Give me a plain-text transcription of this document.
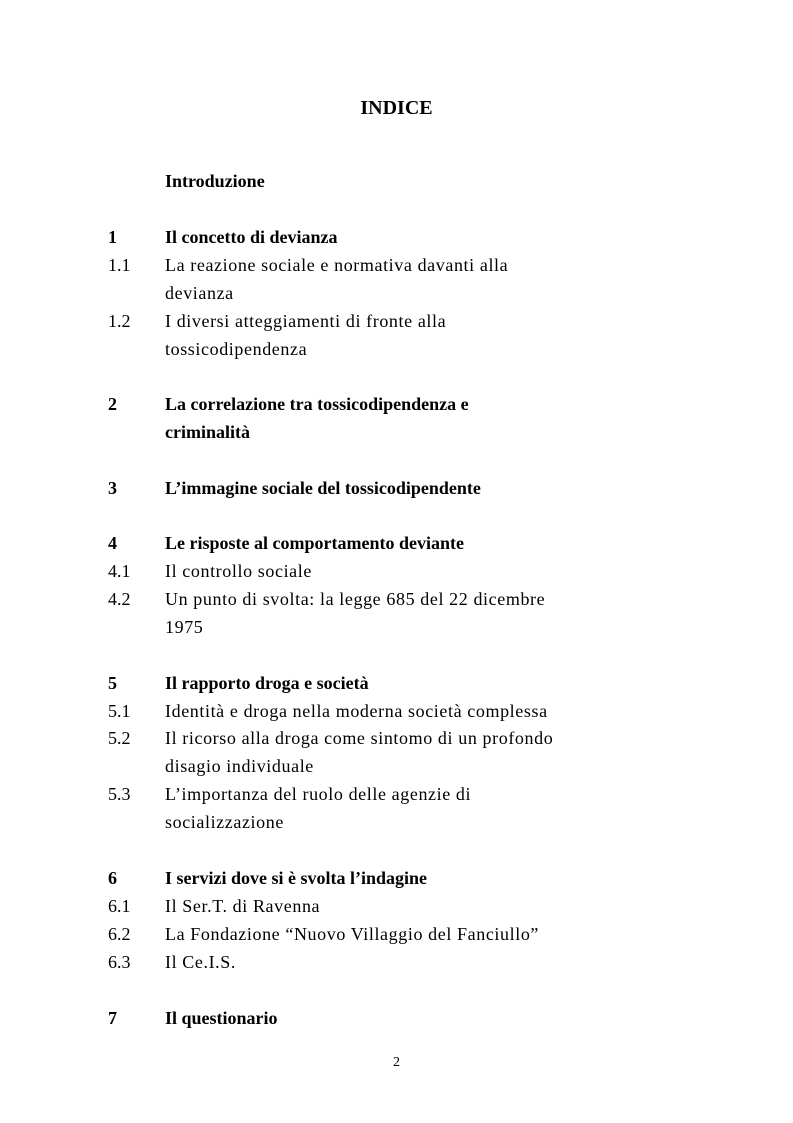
INDICE
Introduzione
1	Il concetto di devianza
1.1 La reazione sociale e normativa davanti alla
devianza
1.2 I diversi atteggiamenti di fronte alla
tossicodipendenza
2	La correlazione tra tossicodipendenza e
criminalità
3	L’immagine sociale del tossicodipendente
4	Le risposte al comportamento deviante
4.1 Il controllo sociale
4.2 Un punto di svolta: la legge 685 del 22 dicembre
1975
5	Il rapporto droga e società
5.1 Identità e droga nella moderna società complessa
5.2 Il ricorso alla droga come sintomo di un profondo
disagio individuale
5.3 L’importanza del ruolo delle agenzie di
socializzazione
6	I servizi dove si è svolta l’indagine
6.1 Il Ser.T. di Ravenna
6.2 La Fondazione “Nuovo Villaggio del Fanciullo”
6.3 Il Ce.I.S.
7	Il questionario
2
